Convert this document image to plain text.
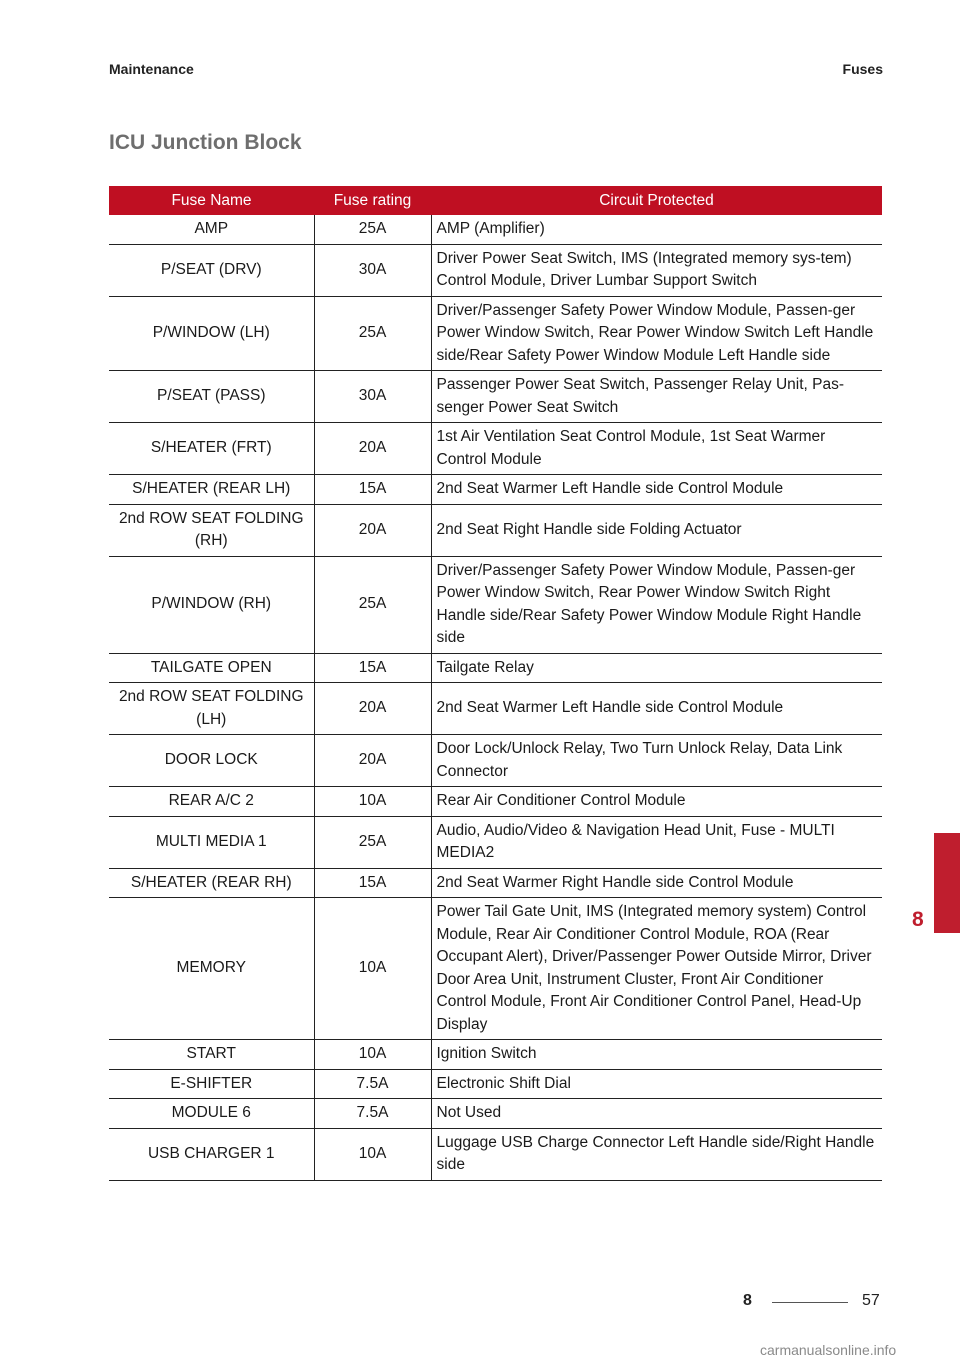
Maintenance	Fuses
ICU Junction Block
Fuse Name	Fuse rating	Circuit Protected
AMP	25A	AMP (Amplifier)
P/SEAT (DRV)	30A	Driver Power Seat Switch, IMS (Integrated memory sys-tem) Control Module, Driver Lumbar Support Switch
P/WINDOW (LH)	25A	Driver/Passenger Safety Power Window Module, Passen-ger Power Window Switch, Rear Power Window Switch Left Handle side/Rear Safety Power Window Module Left Handle side
P/SEAT (PASS)	30A	Passenger Power Seat Switch, Passenger Relay Unit, Pas-senger Power Seat Switch
S/HEATER (FRT)	20A	1st Air Ventilation Seat Control Module, 1st Seat Warmer Control Module
S/HEATER (REAR LH)	15A	2nd Seat Warmer Left Handle side Control Module
2nd ROW SEAT FOLDING (RH)	20A	2nd Seat Right Handle side Folding Actuator
P/WINDOW (RH)	25A	Driver/Passenger Safety Power Window Module, Passen-ger Power Window Switch, Rear Power Window Switch Right Handle side/Rear Safety Power Window Module Right Handle side
TAILGATE OPEN	15A	Tailgate Relay
2nd ROW SEAT FOLDING (LH)	20A	2nd Seat Warmer Left Handle side Control Module
DOOR LOCK	20A	Door Lock/Unlock Relay, Two Turn Unlock Relay, Data Link Connector
REAR A/C 2	10A	Rear Air Conditioner Control Module
MULTI MEDIA 1	25A	Audio, Audio/Video & Navigation Head Unit, Fuse - MULTI MEDIA2
S/HEATER (REAR RH)	15A	2nd Seat Warmer Right Handle side Control Module
MEMORY	10A	Power Tail Gate Unit, IMS (Integrated memory system) Control Module, Rear Air Conditioner Control Module, ROA (Rear Occupant Alert), Driver/Passenger Power Outside Mirror, Driver Door Area Unit, Instrument Cluster, Front Air Conditioner Control Module, Front Air Conditioner Control Panel, Head-Up Display
START	10A	Ignition Switch
E-SHIFTER	7.5A	Electronic Shift Dial
MODULE 6	7.5A	Not Used
USB CHARGER 1	10A	Luggage USB Charge Connector Left Handle side/Right Handle side
8
8	57
carmanualsonline.info
